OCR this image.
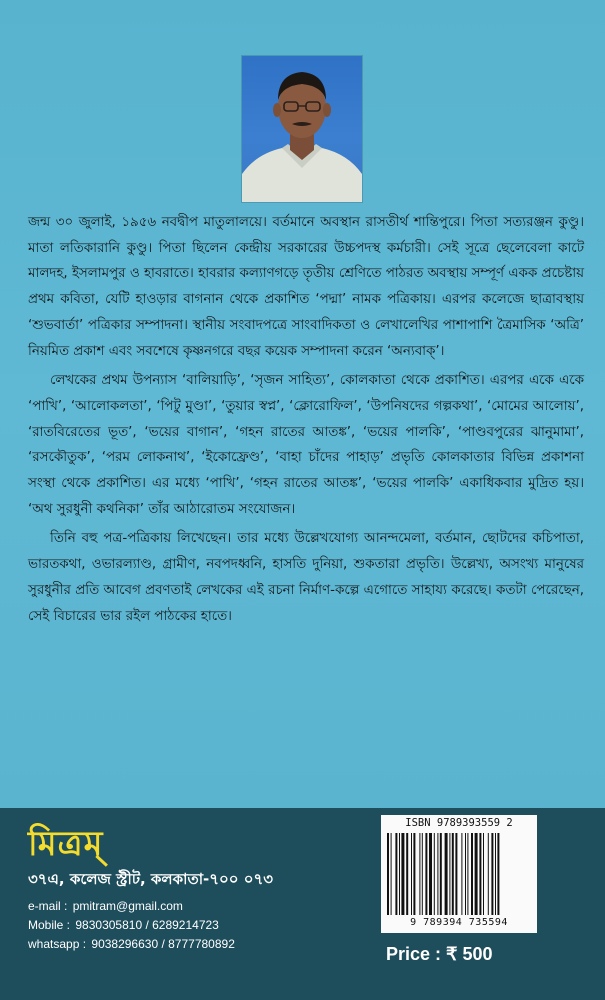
জন্ম ৩০ জুলাই, ১৯৫৬ নবদ্বীপ মাতুলালয়ে। বর্তমানে অবস্থান রাসতীর্থ শান্তিপুরে। পিতা সত্যরঞ্জন কুণ্ডু। মাতা লতিকারানি কুণ্ডু। পিতা ছিলেন কেন্দ্রীয় সরকারের উচ্চপদস্থ কর্মচারী। সেই সূত্রে ছেলেবেলা কাটে মালদহ, ইসলামপুর ও হাবরাতে। হাবরার কল্যাণগড়ে তৃতীয় শ্রেণিতে পাঠরত অবস্থায় সম্পূর্ণ একক প্রচেষ্টায় প্রথম কবিতা, যেটি হাওড়ার বাগনান থেকে প্রকাশিত ‘পদ্মা’ নামক পত্রিকায়। এরপর কলেজে ছাত্রাবস্থায় ‘শুভবার্তা’ পত্রিকার সম্পাদনা। স্থানীয় সংবাদপত্রে সাংবাদিকতা ও লেখালেখির পাশাপাশি ত্রৈমাসিক ‘অত্রি’ নিয়মিত প্রকাশ এবং সবশেষে কৃষ্ণনগরে বছর কয়েক সম্পাদনা করেন ‘অন্যবাক্’।

লেখকের প্রথম উপন্যাস ‘বালিয়াড়ি’, ‘সৃজন সাহিত্য’, কোলকাতা থেকে প্রকাশিত। এরপর একে একে ‘পাখি’, ‘আলোকলতা’, ‘পিটু মুণ্ডা’, ‘তুয়ার স্বপ্ন’, ‘ক্লোরোফিল’, ‘উপনিষদের গল্পকথা’, ‘মোমের আলোয়’, ‘রাতবিরেতের ভূত’, ‘ভয়ের বাগান’, ‘গহন রাতের আতঙ্ক’, ‘ভয়ের পালকি’, ‘পাণ্ডবপুরের ঝানুমামা’, ‘রসকৌতুক’, ‘পরম লোকনাথ’, ‘ইকোফ্রেণ্ড’, ‘বাহা চাঁদের পাহাড়’ প্রভৃতি কোলকাতার বিভিন্ন প্রকাশনা সংস্থা থেকে প্রকাশিত। এর মধ্যে ‘পাখি’, ‘গহন রাতের আতঙ্ক’, ‘ভয়ের পালকি’ একাধিকবার মুদ্রিত হয়। ‘অথ সুরধুনী কথনিকা’ তাঁর আঠারোতম সংযোজন।

তিনি বহু পত্র-পত্রিকায় লিখেছেন। তার মধ্যে উল্লেখযোগ্য আনন্দমেলা, বর্তমান, ছোটদের কচিপাতা, ভারতকথা, ওভারল্যাণ্ড, গ্রামীণ, নবপদধ্বনি, হাসতি দুনিয়া, শুকতারা প্রভৃতি। উল্লেখ্য, অসংখ্য মানুষের সুরধুনীর প্রতি আবেগ প্রবণতাই লেখকের এই রচনা নির্মাণ-কল্পে এগোতে সাহায্য করেছে। কতটা পেরেছেন, সেই বিচারের ভার রইল পাঠকের হাতে।

মিত্রম্
৩৭এ, কলেজ স্ট্রীট, কলকাতা-৭০০ ০৭৩
e-mail : pmitram@gmail.com
Mobile : 9830305810 / 6289214723
whatsapp : 9038296630 / 8777780892
ISBN 9789393559 2
9 789394 735594
Price : ₹ 500
